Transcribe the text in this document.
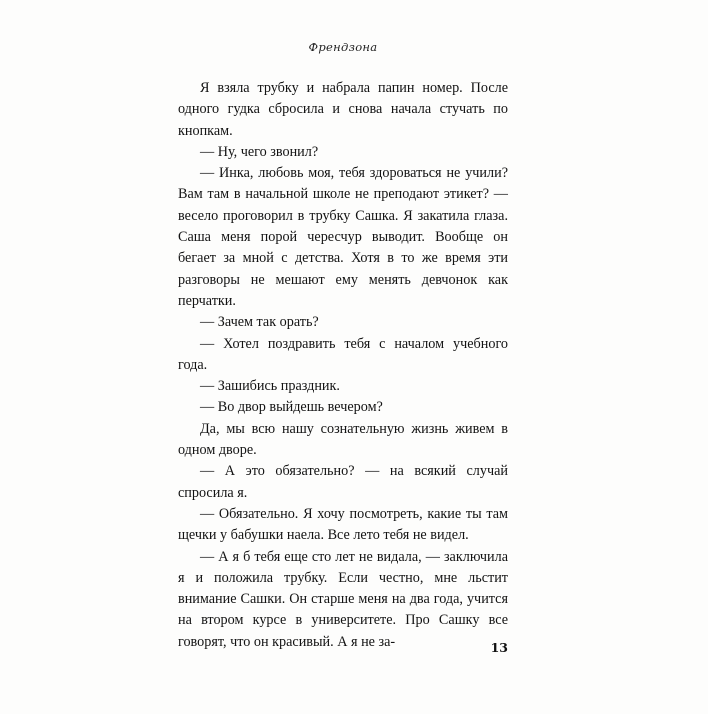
Френдзона

Я взяла трубку и набрала папин номер. После одного гудка сбросила и снова начала стучать по кнопкам.

— Ну, чего звонил?

— Инка, любовь моя, тебя здороваться не учили? Вам там в начальной школе не преподают этикет? — весело проговорил в трубку Сашка. Я закатила глаза. Саша меня порой чересчур выводит. Вообще он бегает за мной с детства. Хотя в то же время эти разговоры не мешают ему менять девчонок как перчатки.

— Зачем так орать?

— Хотел поздравить тебя с началом учебного года.

— Зашибись праздник.

— Во двор выйдешь вечером?

Да, мы всю нашу сознательную жизнь живем в одном дворе.

— А это обязательно? — на всякий случай спросила я.

— Обязательно. Я хочу посмотреть, какие ты там щечки у бабушки наела. Все лето тебя не видел.

— А я б тебя еще сто лет не видала, — заключила я и положила трубку. Если честно, мне льстит внимание Сашки. Он старше меня на два года, учится на втором курсе в университете. Про Сашку все говорят, что он красивый. А я не за-	13
